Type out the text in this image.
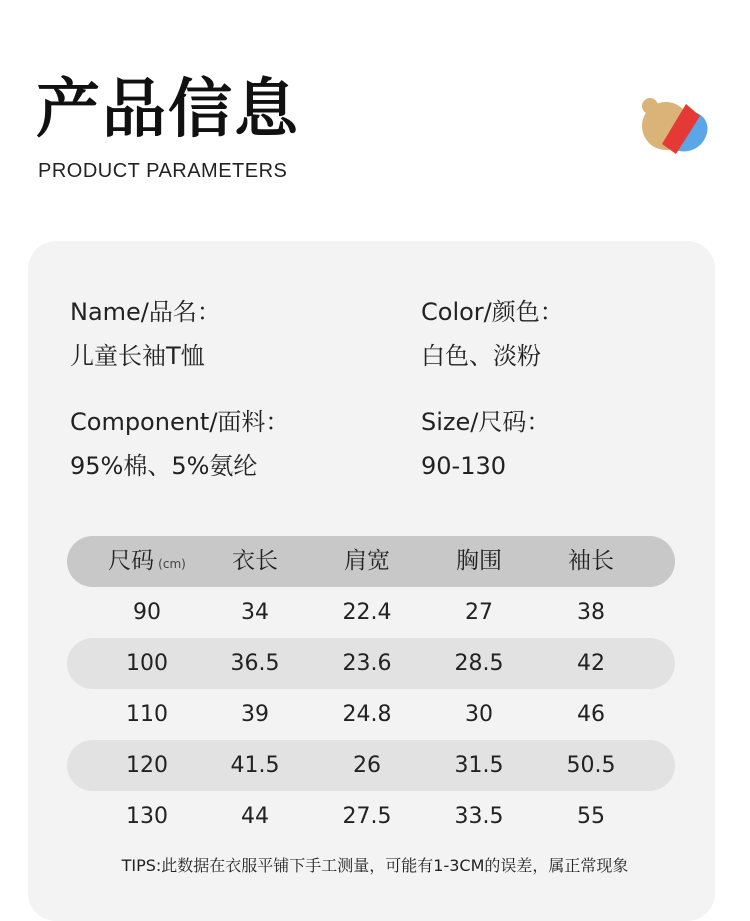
产品信息
PRODUCT PARAMETERS
Name/品名：
儿童长袖T恤
Color/颜色：
白色、淡粉
Component/面料：
95%棉、5%氨纶
Size/尺码：
90-130
尺码 (cm)	衣长	肩宽	胸围	袖长
90	34	22.4	27	38
100	36.5	23.6	28.5	42
110	39	24.8	30	46
120	41.5	26	31.5	50.5
130	44	27.5	33.5	55
TIPS:此数据在衣服平铺下手工测量，可能有1-3CM的误差，属正常现象
